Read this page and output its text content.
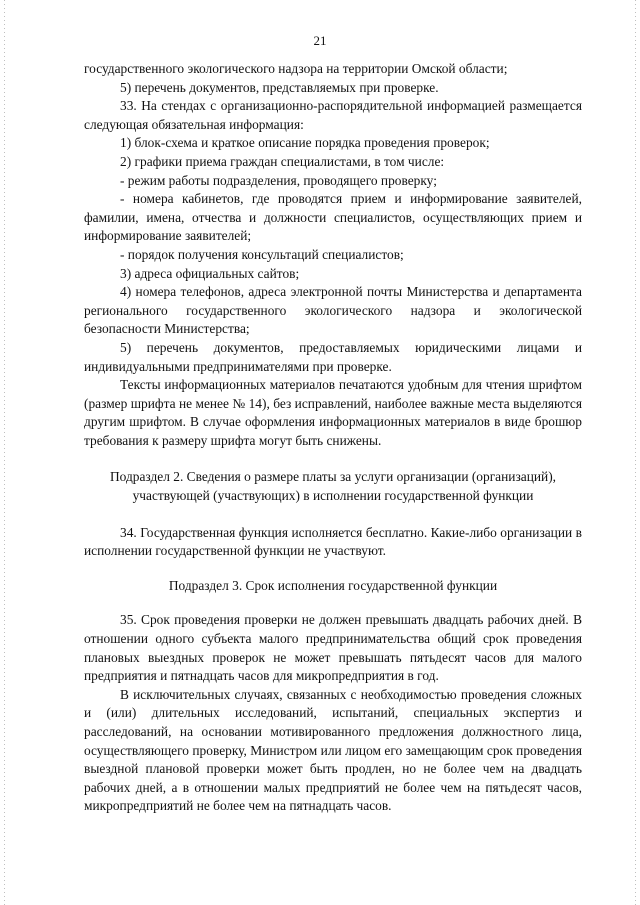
21

государственного экологического надзора на территории Омской области;

5) перечень документов, представляемых при проверке.

33. На стендах с организационно-распорядительной информацией размещается следующая обязательная информация:

1) блок-схема и краткое описание порядка проведения проверок;

2) графики приема граждан специалистами, в том числе:

- режим работы подразделения, проводящего проверку;

- номера кабинетов, где проводятся прием и информирование заявителей, фамилии, имена, отчества и должности специалистов, осуществляющих прием и информирование заявителей;

- порядок получения консультаций специалистов;

3) адреса официальных сайтов;

4) номера телефонов, адреса электронной почты Министерства и департамента регионального государственного экологического надзора и экологической безопасности Министерства;

5) перечень документов, предоставляемых юридическими лицами и индивидуальными предпринимателями при проверке.

Тексты информационных материалов печатаются удобным для чтения шрифтом (размер шрифта не менее № 14), без исправлений, наиболее важные места выделяются другим шрифтом. В случае оформления информационных материалов в виде брошюр требования к размеру шрифта могут быть снижены.

Подраздел 2. Сведения о размере платы за услуги организации (организаций), участвующей (участвующих) в исполнении государственной функции

34. Государственная функция исполняется бесплатно. Какие-либо организации в исполнении государственной функции не участвуют.

Подраздел 3. Срок исполнения государственной функции

35. Срок проведения проверки не должен превышать двадцать рабочих дней. В отношении одного субъекта малого предпринимательства общий срок проведения плановых выездных проверок не может превышать пятьдесят часов для малого предприятия и пятнадцать часов для микропредприятия в год.

В исключительных случаях, связанных с необходимостью проведения сложных и (или) длительных исследований, испытаний, специальных экспертиз и расследований, на основании мотивированного предложения должностного лица, осуществляющего проверку, Министром или лицом его замещающим срок проведения выездной плановой проверки может быть продлен, но не более чем на двадцать рабочих дней, а в отношении малых предприятий не более чем на пятьдесят часов, микропредприятий не более чем на пятнадцать часов.
